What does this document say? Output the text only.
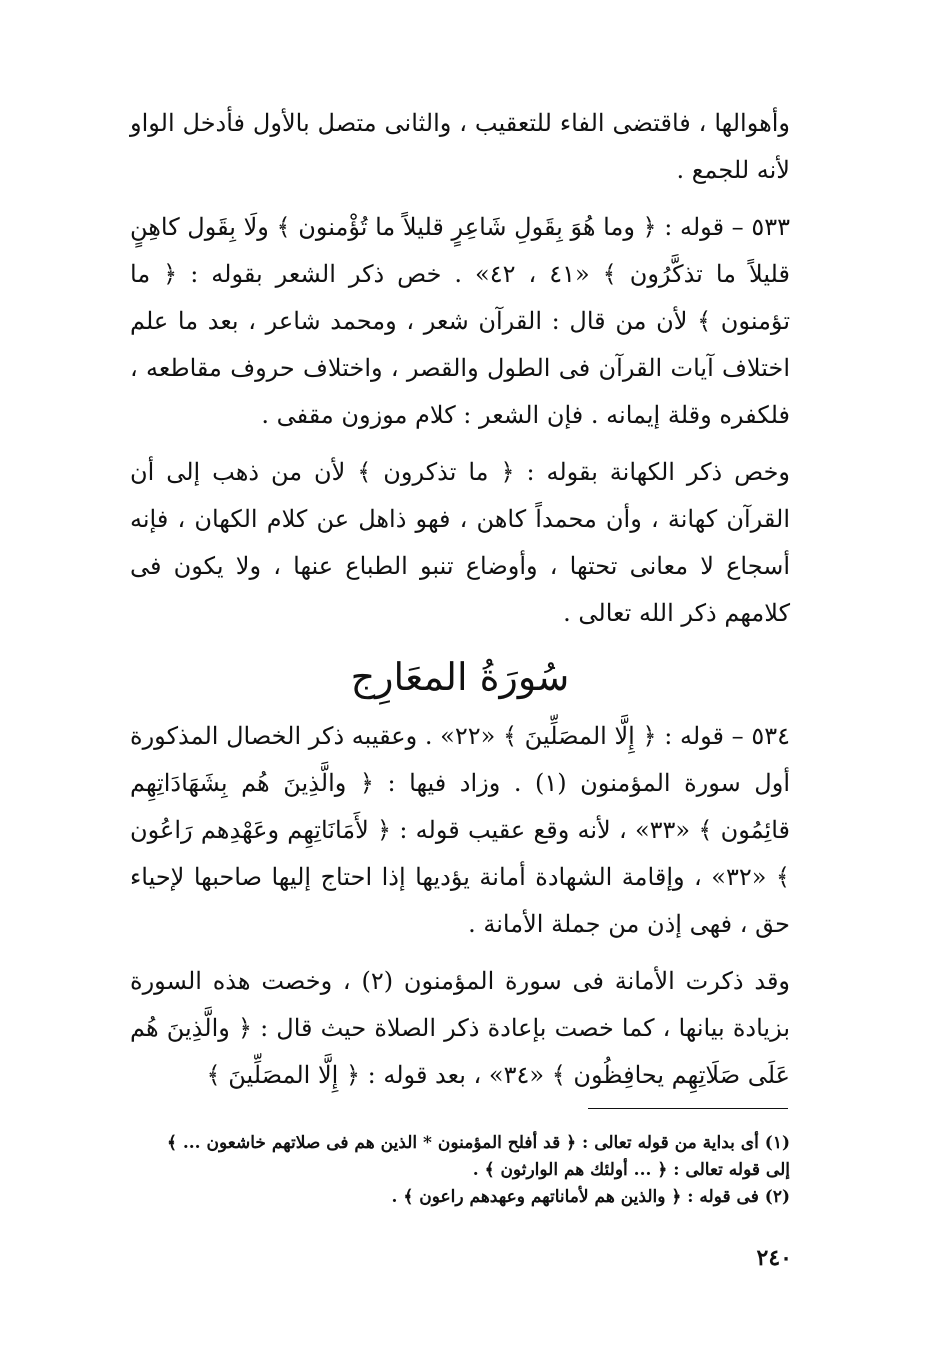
وأهوالها ، فاقتضى الفاء للتعقيب ، والثانى متصل بالأول فأدخل الواو لأنه للجمع .

٥٣٣ – قوله : ﴿ وما هُوَ بِقَولِ شَاعِرٍ قليلاً ما تُؤْمنون ﴾ ولَا بِقَول كاهِنٍ قليلاً ما تذكَّرُون ﴾ «٤١ ، ٤٢» . خص ذكر الشعر بقوله : ﴿ ما تؤمنون ﴾ لأن من قال : القرآن شعر ، ومحمد شاعر ، بعد ما علم اختلاف آيات القرآن فى الطول والقصر ، واختلاف حروف مقاطعه ، فلكفره وقلة إيمانه . فإن الشعر : كلام موزون مقفى .

وخص ذكر الكهانة بقوله : ﴿ ما تذكرون ﴾ لأن من ذهب إلى أن القرآن كهانة ، وأن محمداً كاهن ، فهو ذاهل عن كلام الكهان ، فإنه أسجاع لا معانى تحتها ، وأوضاع تنبو الطباع عنها ، ولا يكون فى كلامهم ذكر الله تعالى .

سُورَةُ المعَارِج

٥٣٤ – قوله : ﴿ إِلَّا المصَلِّينَ ﴾ «٢٢» . وعقيبه ذكر الخصال المذكورة أول سورة المؤمنون (١) . وزاد فيها : ﴿ والَّذِينَ هُم بِشَهَادَاتِهِم قائِمُون ﴾ «٣٣» ، لأنه وقع عقيب قوله : ﴿ لأَمَانَاتِهِم وعَهْدِهم رَاعُون ﴾ «٣٢» ، وإقامة الشهادة أمانة يؤديها إذا احتاج إليها صاحبها لإحياء حق ، فهى إذن من جملة الأمانة .

وقد ذكرت الأمانة فى سورة المؤمنون (٢) ، وخصت هذه السورة بزيادة بيانها ، كما خصت بإعادة ذكر الصلاة حيث قال : ﴿ والَّذِينَ هُم عَلَى صَلَاتِهِم يحافِظُون ﴾ «٣٤» ، بعد قوله : ﴿ إِلَّا المصَلِّينَ ﴾

(١) أى بداية من قوله تعالى : ﴿ قد أفلح المؤمنون * الذين هم فى صلاتهم خاشعون ... ﴾

إلى قوله تعالى : ﴿ ... أولئك هم الوارثون ﴾ .

(٢) فى قوله : ﴿ والذين هم لأماناتهم وعهدهم راعون ﴾ .

٢٤٠
